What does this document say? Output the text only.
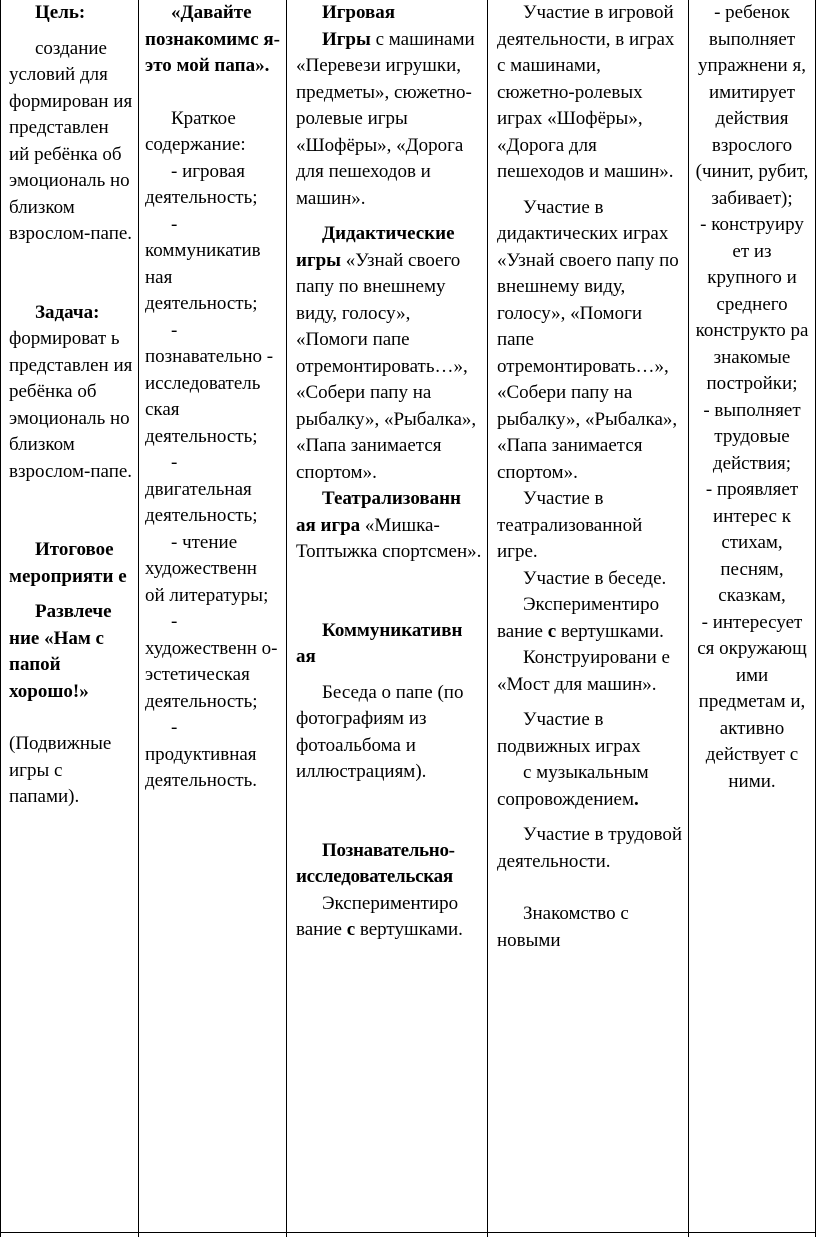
Цель:

создание условий для формирован ия представлен ий ребёнка об эмоциональ но близком взрослом-папе.

Задача:

формироват ь представлен ия ребёнка об эмоциональ но близком взрослом-папе.

Итоговое мероприяти е

Развлече ние «Нам с папой хорошо!»

(Подвижные игры с папами).

«Давайте познакомимс я- это мой папа».

Краткое содержание:

- игровая деятельность;

- коммуникатив ная деятельность;

- познавательно - исследователь ская деятельность;

- двигательная деятельность;

- чтение художественн ой литературы;

- художественн о-эстетическая деятельность;

- продуктивная деятельность.

Игровая

Игры с машинами «Перевези игрушки, предметы», сюжетно-ролевые игры «Шофёры», «Дорога для пешеходов и машин».

Дидактические игры «Узнай своего папу по внешнему виду, голосу», «Помоги папе отремонтировать…», «Собери папу на рыбалку», «Рыбалка», «Папа занимается спортом».

Театрализованн ая игра «Мишка-Топтыжка спортсмен».

Коммуникативн ая

Беседа о папе (по фотографиям из фотоальбома и иллюстрациям).

Познавательно-исследовательская

Экспериментиро вание с вертушками.

Участие в игровой деятельности, в играх с машинами, сюжетно-ролевых играх «Шофёры», «Дорога для пешеходов и машин».

Участие в дидактических играх «Узнай своего папу по внешнему виду, голосу», «Помоги папе отремонтировать…», «Собери папу на рыбалку», «Рыбалка», «Папа занимается спортом».

Участие в театрализованной игре.

Участие в беседе.

Экспериментиро вание с вертушками.

Конструировани е «Мост для машин».

Участие в подвижных играх

с музыкальным сопровождением.

Участие в трудовой деятельности.

Знакомство с новыми

- ребенок выполняет упражнени я, имитирует действия взрослого (чинит, рубит, забивает);

- конструиру ет из крупного и среднего конструкто ра знакомые постройки;

- выполняет трудовые действия;

- проявляет интерес к стихам, песням, сказкам,

- интересует ся окружающ ими предметам и, активно действует с ними.
